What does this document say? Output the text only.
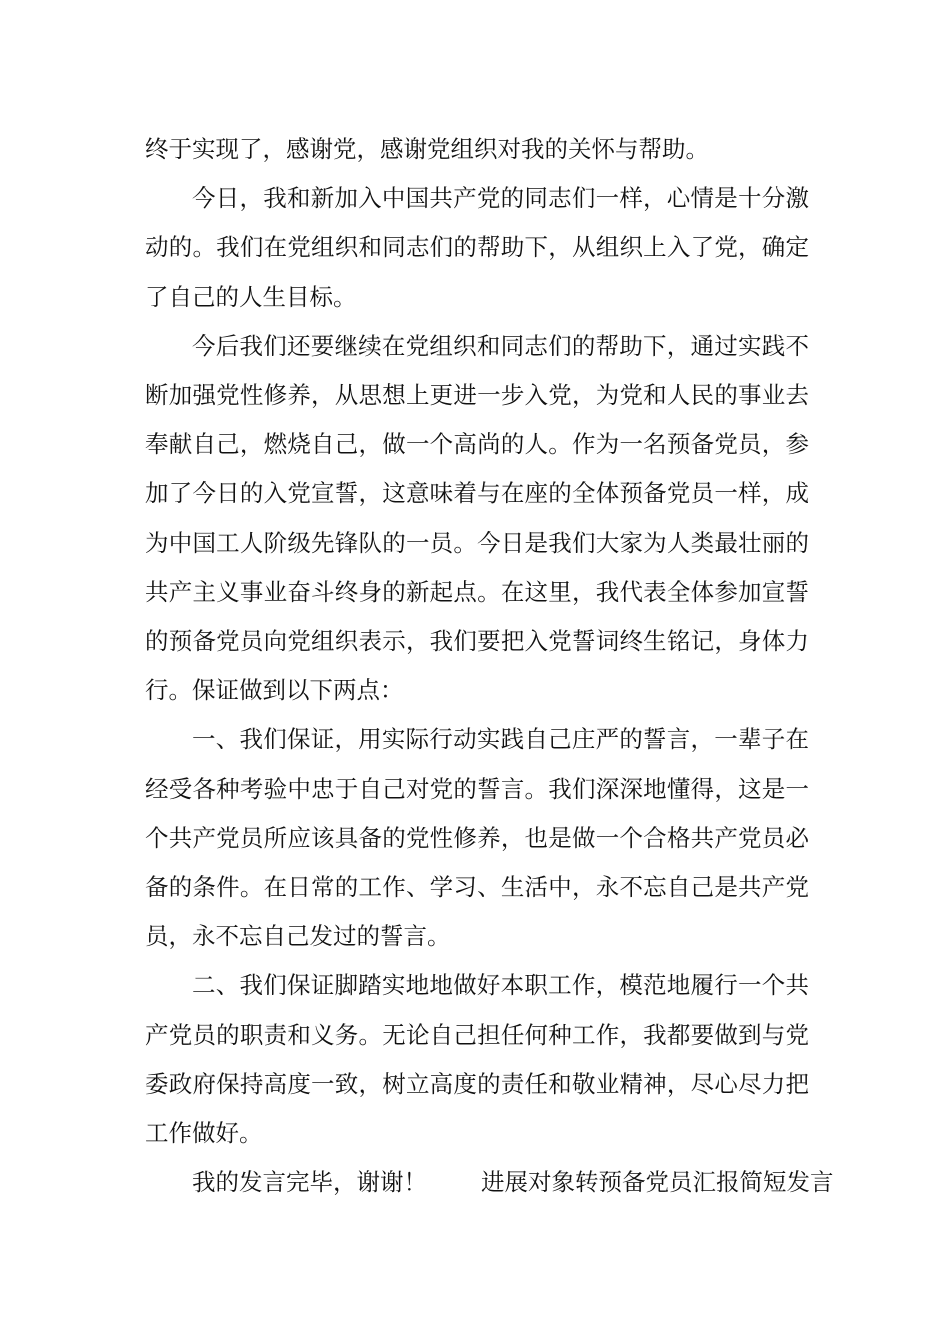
终于实现了，感谢党，感谢党组织对我的关怀与帮助。

今日，我和新加入中国共产党的同志们一样，心情是十分激动的。我们在党组织和同志们的帮助下，从组织上入了党，确定了自己的人生目标。

今后我们还要继续在党组织和同志们的帮助下，通过实践不断加强党性修养，从思想上更进一步入党，为党和人民的事业去奉献自己，燃烧自己，做一个高尚的人。作为一名预备党员，参加了今日的入党宣誓，这意味着与在座的全体预备党员一样，成为中国工人阶级先锋队的一员。今日是我们大家为人类最壮丽的共产主义事业奋斗终身的新起点。在这里，我代表全体参加宣誓的预备党员向党组织表示，我们要把入党誓词终生铭记，身体力行。保证做到以下两点：

一、我们保证，用实际行动实践自己庄严的誓言，一辈子在经受各种考验中忠于自己对党的誓言。我们深深地懂得，这是一个共产党员所应该具备的党性修养，也是做一个合格共产党员必备的条件。在日常的工作、学习、生活中，永不忘自己是共产党员，永不忘自己发过的誓言。

二、我们保证脚踏实地地做好本职工作，模范地履行一个共产党员的职责和义务。无论自己担任何种工作，我都要做到与党委政府保持高度一致，树立高度的责任和敬业精神，尽心尽力把工作做好。

我的发言完毕，谢谢！ 进展对象转预备党员汇报简短发言
